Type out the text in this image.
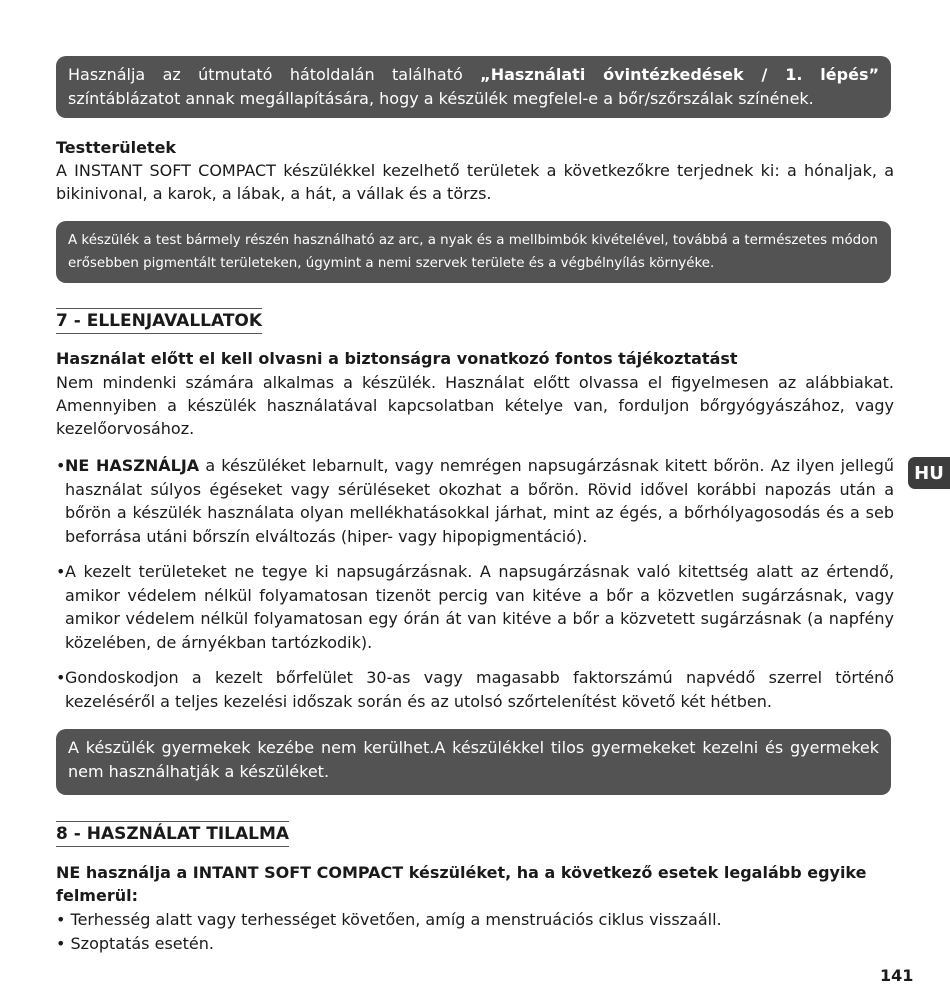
Használja az útmutató hátoldalán található „Használati óvintézkedések / 1. lépés” színtáblázatot annak megállapítására, hogy a készülék megfelel-e a bőr/szőrszálak színének.

Testterületek

A INSTANT SOFT COMPACT készülékkel kezelhető területek a következőkre terjednek ki: a hónaljak, a bikinivonal, a karok, a lábak, a hát, a vállak és a törzs.

A készülék a test bármely részén használható az arc, a nyak és a mellbimbók kivételével, továbbá a természetes módon erősebben pigmentált területeken, úgymint a nemi szervek területe és a végbélnyílás környéke.
7 - ELLENJAVALLATOK

Használat előtt el kell olvasni a biztonságra vonatkozó fontos tájékoztatást

Nem mindenki számára alkalmas a készülék. Használat előtt olvassa el figyelmesen az alábbiakat. Amennyiben a készülék használatával kapcsolatban kételye van, forduljon bőrgyógyászához, vagy kezelőorvosához.

• NE HASZNÁLJA a készüléket lebarnult, vagy nemrégen napsugárzásnak kitett bőrön. Az ilyen jellegű használat súlyos égéseket vagy sérüléseket okozhat a bőrön. Rövid idővel korábbi napozás után a bőrön a készülék használata olyan mellékhatásokkal járhat, mint az égés, a bőrhólyagosodás és a seb beforrása utáni bőrszín elváltozás (hiper- vagy hipopigmentáció).
• A kezelt területeket ne tegye ki napsugárzásnak. A napsugárzásnak való kitettség alatt az értendő, amikor védelem nélkül folyamatosan tizenöt percig van kitéve a bőr a közvetlen sugárzásnak, vagy amikor védelem nélkül folyamatosan egy órán át van kitéve a bőr a közvetett sugárzásnak (a napfény közelében, de árnyékban tartózkodik).
• Gondoskodjon a kezelt bőrfelület 30-as vagy magasabb faktorszámú napvédő szerrel történő kezeléséről a teljes kezelési időszak során és az utolsó szőrtelenítést követő két hétben.
A készülék gyermekek kezébe nem kerülhet.A készülékkel tilos gyermekeket kezelni és gyermekek nem használhatják a készüléket.
8 - HASZNÁLAT TILALMA

NE használja a INTANT SOFT COMPACT készüléket, ha a következő esetek legalább egyike felmerül:

• Terhesség alatt vagy terhességet követően, amíg a menstruációs ciklus visszaáll.

• Szoptatás esetén.

HU
141
